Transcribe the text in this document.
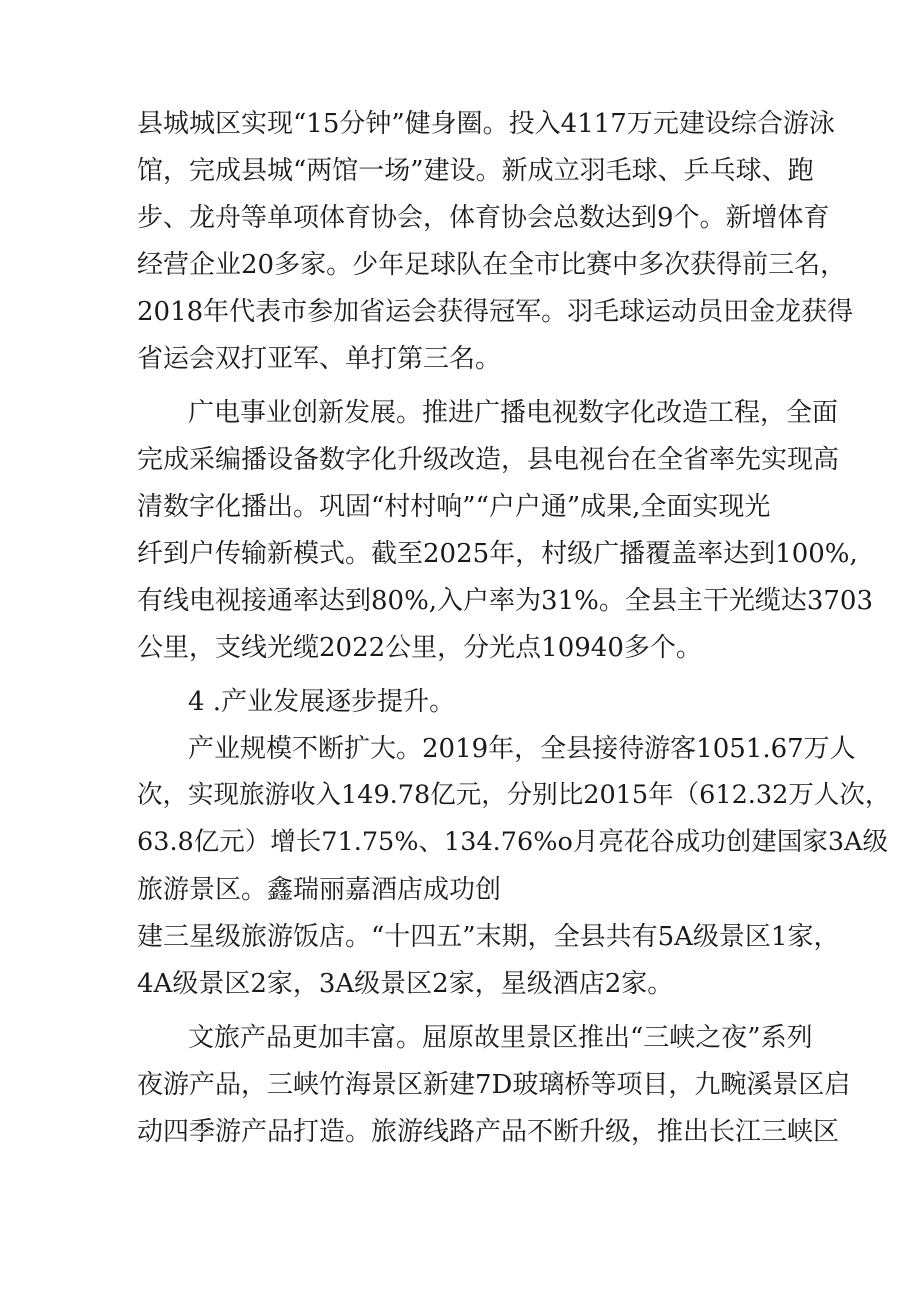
县城城区实现“15分钟”健身圈。投入4117万元建设综合游泳

馆，完成县城“两馆一场”建设。新成立羽毛球、乒乓球、跑

步、龙舟等单项体育协会，体育协会总数达到9个。新增体育

经营企业20多家。少年足球队在全市比赛中多次获得前三名，

2018年代表市参加省运会获得冠军。羽毛球运动员田金龙获得

省运会双打亚军、单打第三名。

广电事业创新发展。推进广播电视数字化改造工程，全面

完成采编播设备数字化升级改造，县电视台在全省率先实现高

清数字化播出。巩固“村村响”“户户通”成果,全面实现光

纤到户传输新模式。截至2025年，村级广播覆盖率达到100%,

有线电视接通率达到80%,入户率为31%。全县主干光缆达3703

公里，支线光缆2022公里，分光点10940多个。

4 .产业发展逐步提升。

产业规模不断扩大。2019年，全县接待游客1051.67万人

次，实现旅游收入149.78亿元，分别比2015年（612.32万人次，

63.8亿元）增长71.75%、134.76%o月亮花谷成功创建国家3A级

旅游景区。鑫瑞丽嘉酒店成功创

建三星级旅游饭店。“十四五”末期，全县共有5A级景区1家，

4A级景区2家，3A级景区2家，星级酒店2家。

文旅产品更加丰富。屈原故里景区推出“三峡之夜”系列

夜游产品，三峡竹海景区新建7D玻璃桥等项目，九畹溪景区启

动四季游产品打造。旅游线路产品不断升级，推出长江三峡区
